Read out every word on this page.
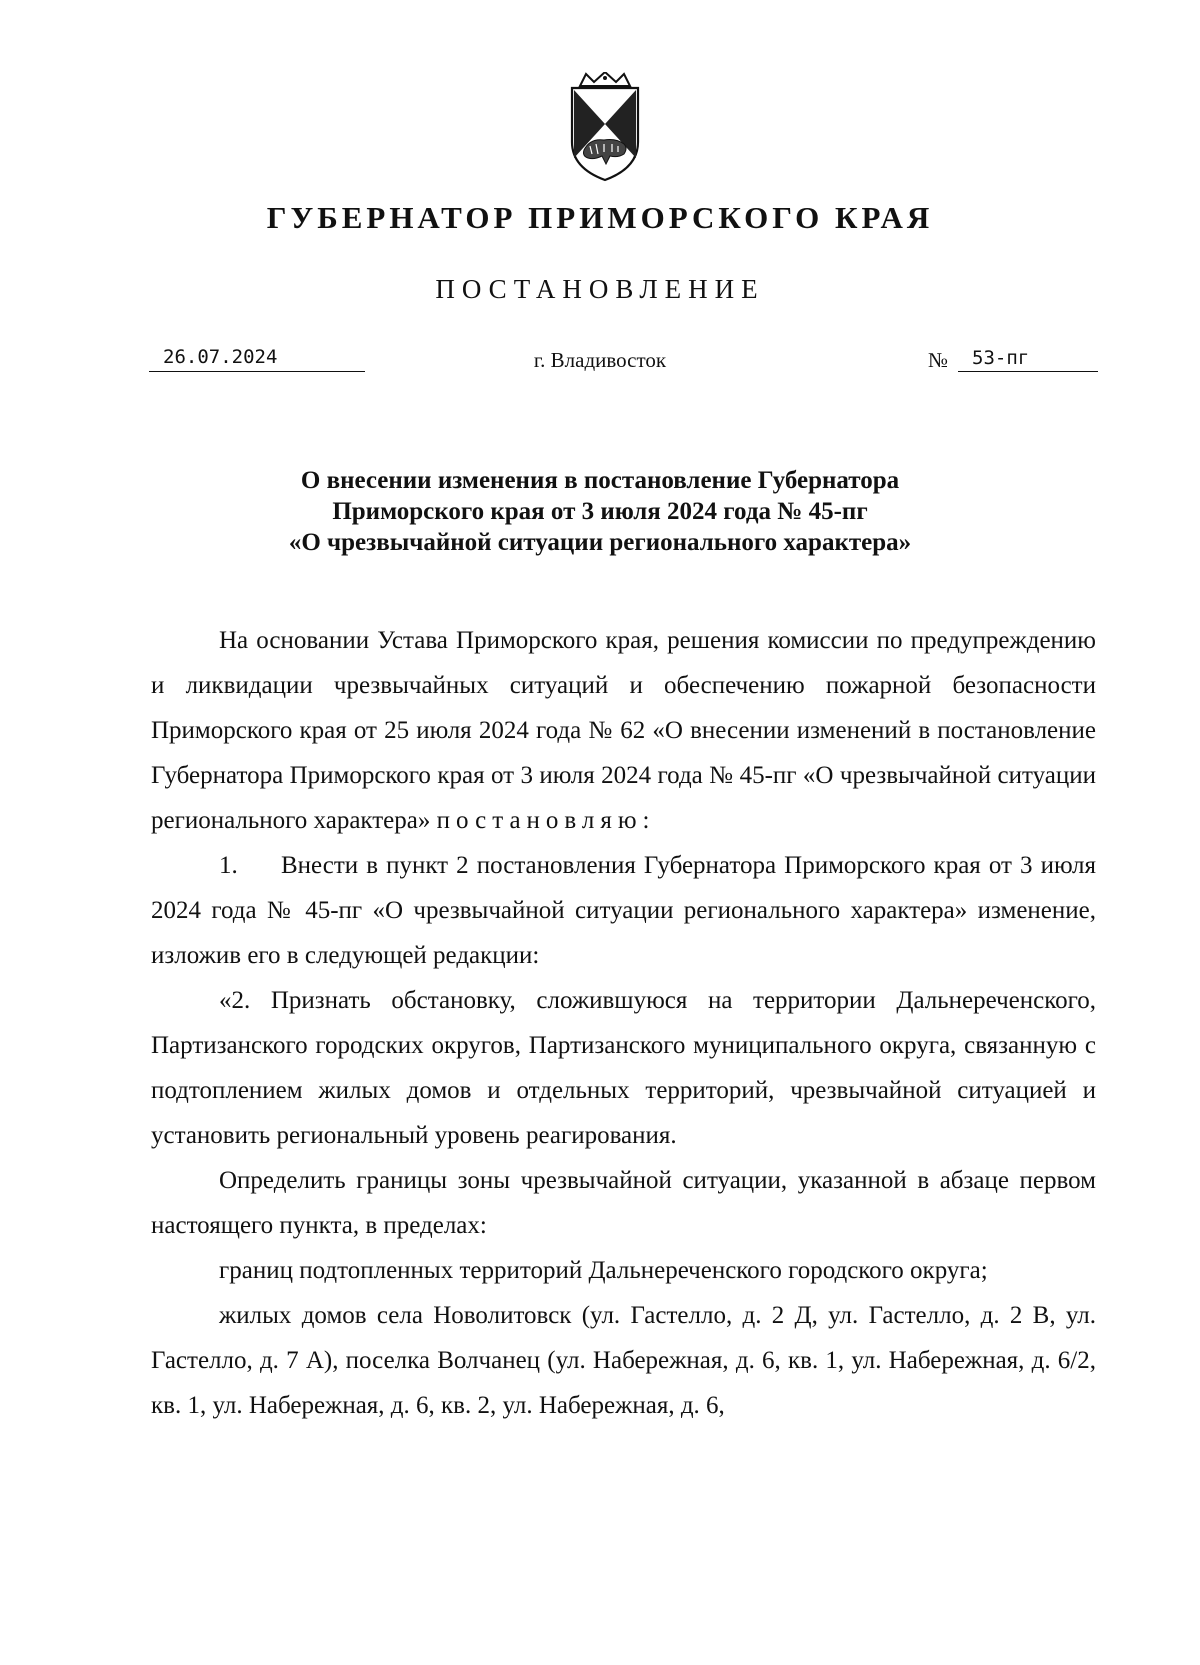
ГУБЕРНАТОР ПРИМОРСКОГО КРАЯ
ПОСТАНОВЛЕНИЕ
26.07.2024	г. Владивосток	№	53-пг
О внесении изменения в постановление Губернатора
Приморского края от 3 июля 2024 года № 45-пг
«О чрезвычайной ситуации регионального характера»

На основании Устава Приморского края, решения комиссии по предупреждению и ликвидации чрезвычайных ситуаций и обеспечению пожарной безопасности Приморского края от 25 июля 2024 года № 62 «О внесении изменений в постановление Губернатора Приморского края от 3 июля 2024 года № 45-пг «О чрезвычайной ситуации регионального характера» постановляю:

1. Внести в пункт 2 постановления Губернатора Приморского края от 3 июля 2024 года № 45-пг «О чрезвычайной ситуации регионального характера» изменение, изложив его в следующей редакции:

«2. Признать обстановку, сложившуюся на территории Дальнереченского, Партизанского городских округов, Партизанского муниципального округа, связанную с подтоплением жилых домов и отдельных территорий, чрезвычайной ситуацией и установить региональный уровень реагирования.

Определить границы зоны чрезвычайной ситуации, указанной в абзаце первом настоящего пункта, в пределах:

границ подтопленных территорий Дальнереченского городского округа;

жилых домов села Новолитовск (ул. Гастелло, д. 2 Д, ул. Гастелло, д. 2 В, ул. Гастелло, д. 7 А), поселка Волчанец (ул. Набережная, д. 6, кв. 1, ул. Набережная, д. 6/2, кв. 1, ул. Набережная, д. 6, кв. 2, ул. Набережная, д. 6,
